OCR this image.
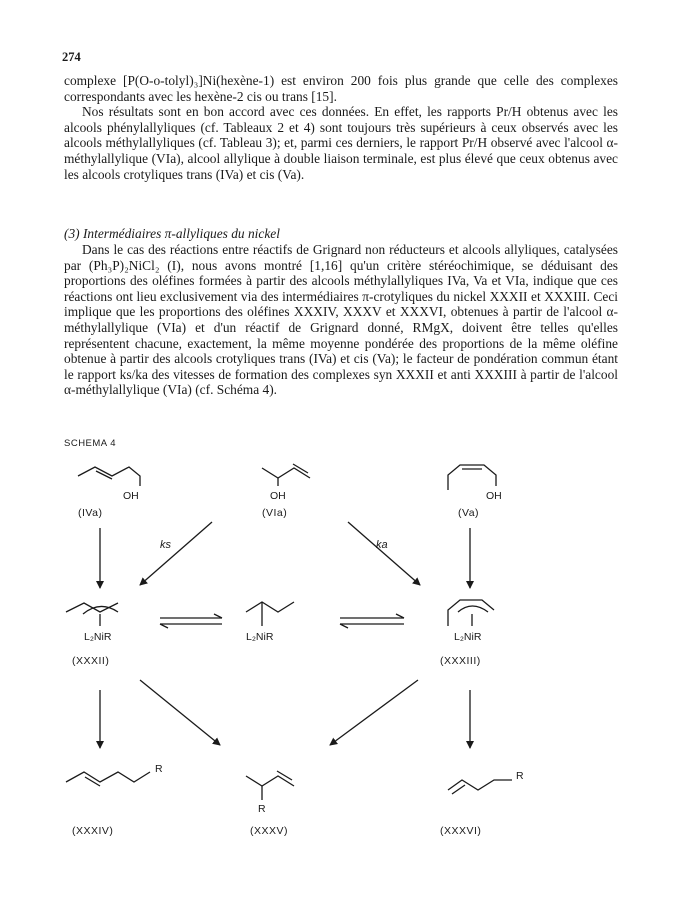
274

complexe [P(O-o-tolyl)₃]Ni(hexène-1) est environ 200 fois plus grande que celle des complexes correspondants avec les hexène-2 cis ou trans [15].

Nos résultats sont en bon accord avec ces données. En effet, les rapports Pr/H obtenus avec les alcools phénylallyliques (cf. Tableaux 2 et 4) sont toujours très supérieurs à ceux observés avec les alcools méthylallyliques (cf. Tableau 3); et, parmi ces derniers, le rapport Pr/H observé avec l'alcool α-méthylallylique (VIa), alcool allylique à double liaison terminale, est plus élevé que ceux obtenus avec les alcools crotyliques trans (IVa) et cis (Va).

(3) Intermédiaires π-allyliques du nickel

Dans le cas des réactions entre réactifs de Grignard non réducteurs et alcools allyliques, catalysées par (Ph₃P)₂NiCl₂ (I), nous avons montré [1,16] qu'un critère stéréochimique, se déduisant des proportions des oléfines formées à partir des alcools méthylallyliques IVa, Va et VIa, indique que ces réactions ont lieu exclusivement via des intermédiaires π-crotyliques du nickel XXXII et XXXIII. Ceci implique que les proportions des oléfines XXXIV, XXXV et XXXVI, obtenues à partir de l'alcool α-méthylallylique (VIa) et d'un réactif de Grignard donné, RMgX, doivent être telles qu'elles représentent chacune, exactement, la même moyenne pondérée des proportions de la même oléfine obtenue à partir des alcools crotyliques trans (IVa) et cis (Va); le facteur de pondération commun étant le rapport ks/ka des vitesses de formation des complexes syn XXXII et anti XXXIII à partir de l'alcool α-méthylallylique (VIa) (cf. Schéma 4).

SCHEMA 4
OH	OH	OH
(IVa)	(VIa)	(Va)
ks	ka
L₂NiR	L₂NiR	L₂NiR
(XXXII)	(XXXIII)
R
R
R
(XXXIV)	(XXXV)	(XXXVI)
